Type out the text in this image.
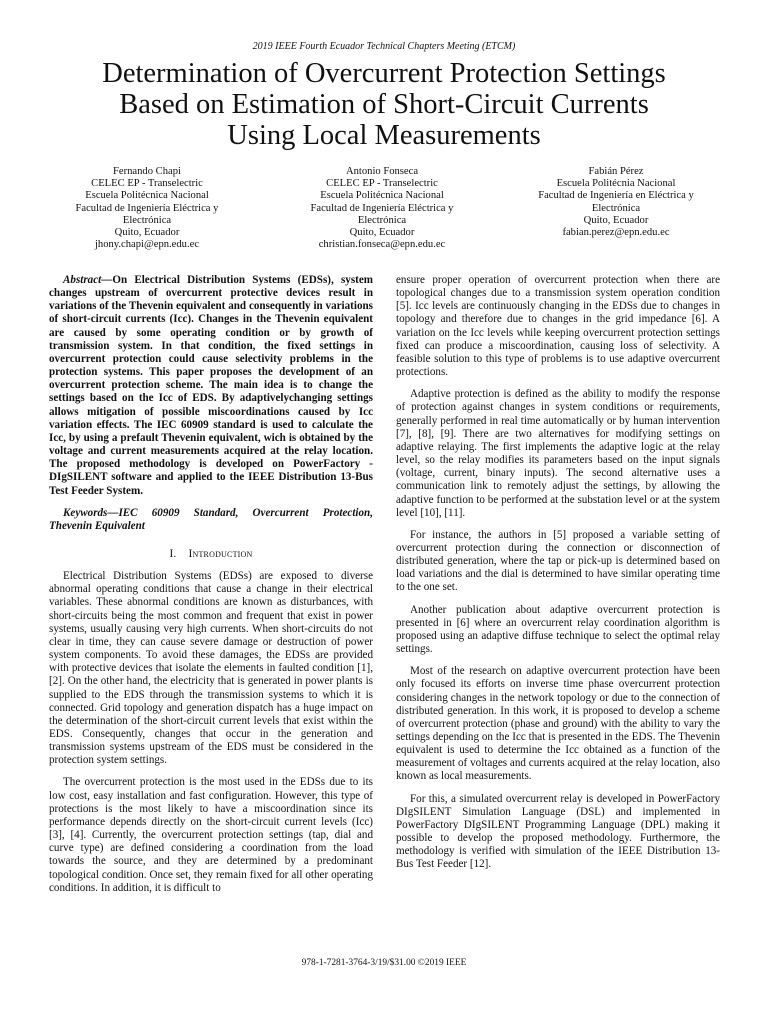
2019 IEEE Fourth Ecuador Technical Chapters Meeting (ETCM)
Determination of Overcurrent Protection Settings
Based on Estimation of Short-Circuit Currents
Using Local Measurements
Fernando Chapi
CELEC EP - Transelectric
Escuela Politécnica Nacional
Facultad de Ingeniería Eléctrica y
Electrónica
Quito, Ecuador
jhony.chapi@epn.edu.ec
Antonio Fonseca
CELEC EP - Transelectric
Escuela Politécnica Nacional
Facultad de Ingeniería Eléctrica y
Electrónica
Quito, Ecuador
christian.fonseca@epn.edu.ec
Fabián Pérez
Escuela Politécnia Nacional
Facultad de Ingeniería en Eléctrica y
Electrónica
Quito, Ecuador
fabian.perez@epn.edu.ec

Abstract—On Electrical Distribution Systems (EDSs), system changes upstream of overcurrent protective devices result in variations of the Thevenin equivalent and consequently in variations of short-circuit currents (Icc). Changes in the Thevenin equivalent are caused by some operating condition or by growth of transmission system. In that condition, the fixed settings in overcurrent protection could cause selectivity problems in the protection systems. This paper proposes the development of an overcurrent protection scheme. The main idea is to change the settings based on the Icc of EDS. By adaptivelychanging settings allows mitigation of possible miscoordinations caused by Icc variation effects. The IEC 60909 standard is used to calculate the Icc, by using a prefault Thevenin equivalent, wich is obtained by the voltage and current measurements acquired at the relay location. The proposed methodology is developed on PowerFactory - DIgSILENT software and applied to the IEEE Distribution 13-Bus Test Feeder System.

Keywords—IEC 60909 Standard, Overcurrent Protection, Thevenin Equivalent

I. Introduction

Electrical Distribution Systems (EDSs) are exposed to diverse abnormal operating conditions that cause a change in their electrical variables. These abnormal conditions are known as disturbances, with short-circuits being the most common and frequent that exist in power systems, usually causing very high currents. When short-circuits do not clear in time, they can cause severe damage or destruction of power system components. To avoid these damages, the EDSs are provided with protective devices that isolate the elements in faulted condition [1], [2]. On the other hand, the electricity that is generated in power plants is supplied to the EDS through the transmission systems to which it is connected. Grid topology and generation dispatch has a huge impact on the determination of the short-circuit current levels that exist within the EDS. Consequently, changes that occur in the generation and transmission systems upstream of the EDS must be considered in the protection system settings.

The overcurrent protection is the most used in the EDSs due to its low cost, easy installation and fast configuration. However, this type of protections is the most likely to have a miscoordination since its performance depends directly on the short-circuit current levels (Icc) [3], [4]. Currently, the overcurrent protection settings (tap, dial and curve type) are defined considering a coordination from the load towards the source, and they are determined by a predominant topological condition. Once set, they remain fixed for all other operating conditions. In addition, it is difficult to

ensure proper operation of overcurrent protection when there are topological changes due to a transmission system operation condition [5]. Icc levels are continuously changing in the EDSs due to changes in topology and therefore due to changes in the grid impedance [6]. A variation on the Icc levels while keeping overcurrent protection settings fixed can produce a miscoordination, causing loss of selectivity. A feasible solution to this type of problems is to use adaptive overcurrent protections.

Adaptive protection is defined as the ability to modify the response of protection against changes in system conditions or requirements, generally performed in real time automatically or by human intervention [7], [8], [9]. There are two alternatives for modifying settings on adaptive relaying. The first implements the adaptive logic at the relay level, so the relay modifies its parameters based on the input signals (voltage, current, binary inputs). The second alternative uses a communication link to remotely adjust the settings, by allowing the adaptive function to be performed at the substation level or at the system level [10], [11].

For instance, the authors in [5] proposed a variable setting of overcurrent protection during the connection or disconnection of distributed generation, where the tap or pick-up is determined based on load variations and the dial is determined to have similar operating time to the one set.

Another publication about adaptive overcurrent protection is presented in [6] where an overcurrent relay coordination algorithm is proposed using an adaptive diffuse technique to select the optimal relay settings.

Most of the research on adaptive overcurrent protection have been only focused its efforts on inverse time phase overcurrent protection considering changes in the network topology or due to the connection of distributed generation. In this work, it is proposed to develop a scheme of overcurrent protection (phase and ground) with the ability to vary the settings depending on the Icc that is presented in the EDS. The Thevenin equivalent is used to determine the Icc obtained as a function of the measurement of voltages and currents acquired at the relay location, also known as local measurements.

For this, a simulated overcurrent relay is developed in PowerFactory DIgSILENT Simulation Language (DSL) and implemented in PowerFactory DIgSILENT Programming Language (DPL) making it possible to develop the proposed methodology. Furthermore, the methodology is verified with simulation of the IEEE Distribution 13-Bus Test Feeder [12].

978-1-7281-3764-3/19/$31.00 ©2019 IEEE
